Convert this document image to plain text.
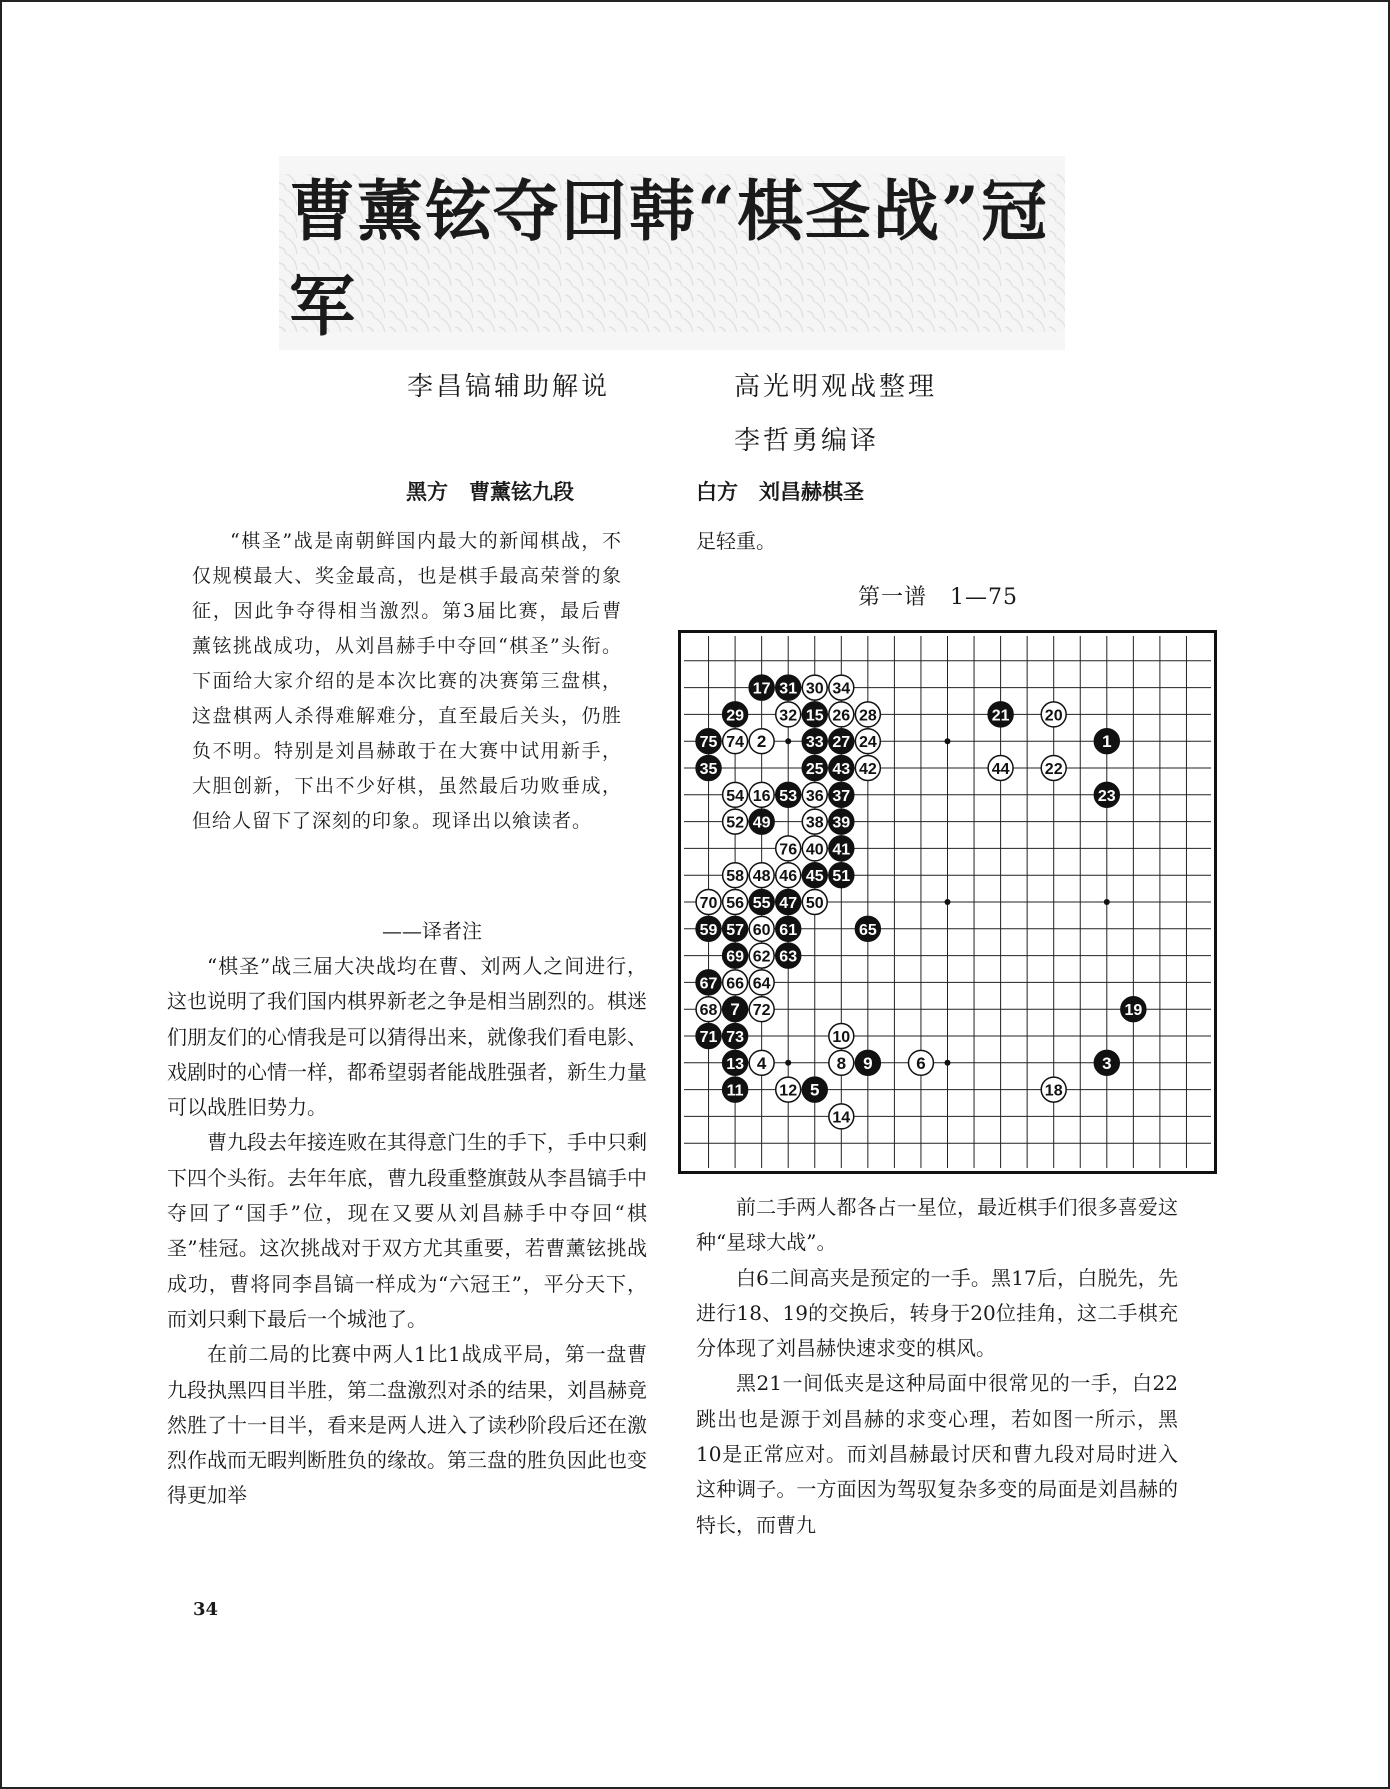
曹薰铉夺回韩“棋圣战”冠军
李昌镐辅助解说	高光明观战整理
李哲勇编译
黑方　曹薰铉九段	白方　刘昌赫棋圣

“棋圣”战是南朝鲜国内最大的新闻棋战，不仅规模最大、奖金最高，也是棋手最高荣誉的象征，因此争夺得相当激烈。第3届比赛，最后曹薰铉挑战成功，从刘昌赫手中夺回“棋圣”头衔。下面给大家介绍的是本次比赛的决赛第三盘棋，这盘棋两人杀得难解难分，直至最后关头，仍胜负不明。特别是刘昌赫敢于在大赛中试用新手，大胆创新，下出不少好棋，虽然最后功败垂成，但给人留下了深刻的印象。现译出以飨读者。

——译者注

“棋圣”战三届大决战均在曹、刘两人之间进行，这也说明了我们国内棋界新老之争是相当剧烈的。棋迷们朋友们的心情我是可以猜得出来，就像我们看电影、戏剧时的心情一样，都希望弱者能战胜强者，新生力量可以战胜旧势力。

曹九段去年接连败在其得意门生的手下，手中只剩下四个头衔。去年年底，曹九段重整旗鼓从李昌镐手中夺回了“国手”位，现在又要从刘昌赫手中夺回“棋圣”桂冠。这次挑战对于双方尤其重要，若曹薰铉挑战成功，曹将同李昌镐一样成为“六冠王”，平分天下，而刘只剩下最后一个城池了。

在前二局的比赛中两人1比1战成平局，第一盘曹九段执黑四目半胜，第二盘激烈对杀的结果，刘昌赫竟然胜了十一目半，看来是两人进入了读秒阶段后还在激烈作战而无暇判断胜负的缘故。第三盘的胜负因此也变得更加举

足轻重。

第一谱　1—75
17 31 30 34
29 32 15 26 28	21 20
75 74 2 33 27 24	1
35	25 43 42	44 22
54 16 53 36 37	23
52 49 38 39
76 40 41
58 48 46 45 51
70 56 55 47 50
59 57 60 61	65
69 62 63
67 66 64
68 7 72	19
71 73	10
13 4	8 9	6	3
11 12 5	18
14

前二手两人都各占一星位，最近棋手们很多喜爱这种“星球大战”。

白6二间高夹是预定的一手。黑17后，白脱先，先进行18、19的交换后，转身于20位挂角，这二手棋充分体现了刘昌赫快速求变的棋风。

黑21一间低夹是这种局面中很常见的一手，白22跳出也是源于刘昌赫的求变心理，若如图一所示，黑10是正常应对。而刘昌赫最讨厌和曹九段对局时进入这种调子。一方面因为驾驭复杂多变的局面是刘昌赫的特长，而曹九

34
